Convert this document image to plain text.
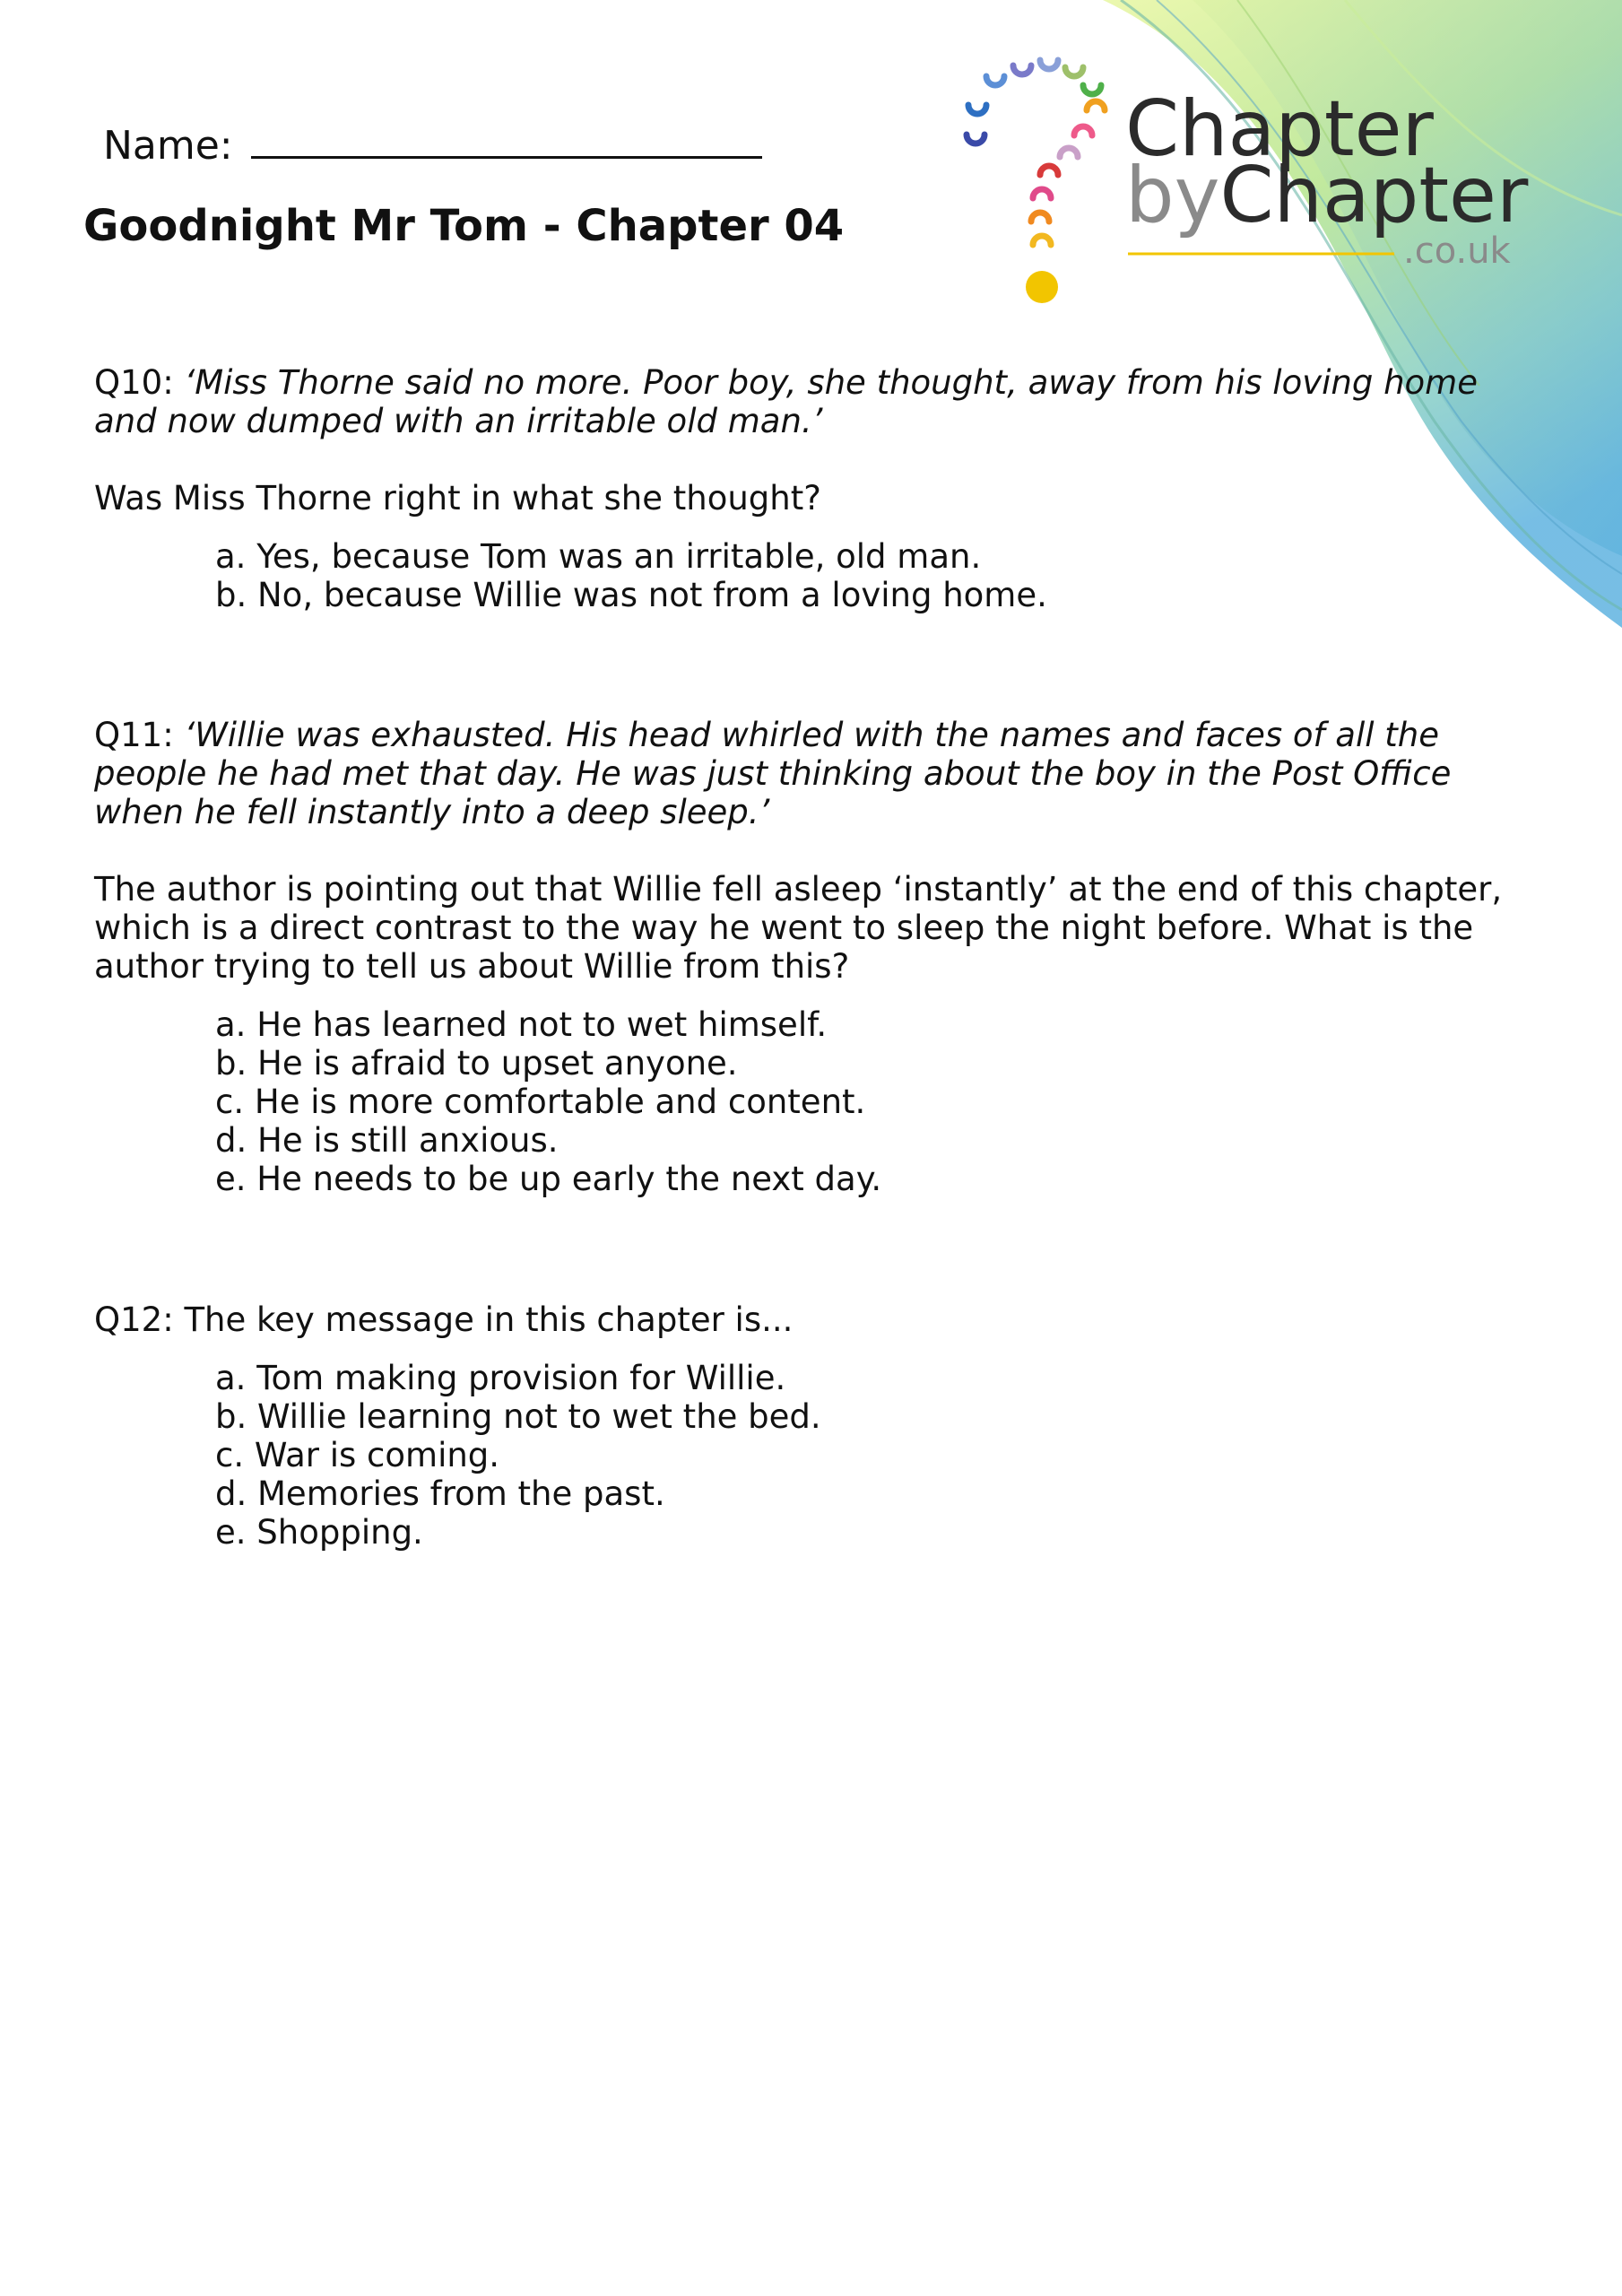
Name:
Goodnight Mr Tom - Chapter 04
Chapter
byChapter
.co.uk

Q10: ‘Miss Thorne said no more. Poor boy, she thought, away from his loving home and now dumped with an irritable old man.’

Was Miss Thorne right in what she thought?

a. Yes, because Tom was an irritable, old man.
b. No, because Willie was not from a loving home.

Q11: ‘Willie was exhausted. His head whirled with the names and faces of all the people he had met that day. He was just thinking about the boy in the Post Office when he fell instantly into a deep sleep.’

The author is pointing out that Willie fell asleep ‘instantly’ at the end of this chapter, which is a direct contrast to the way he went to sleep the night before. What is the author trying to tell us about Willie from this?

a. He has learned not to wet himself.
b. He is afraid to upset anyone.
c. He is more comfortable and content.
d. He is still anxious.
e. He needs to be up early the next day.

Q12: The key message in this chapter is...

a. Tom making provision for Willie.
b. Willie learning not to wet the bed.
c. War is coming.
d. Memories from the past.
e. Shopping.
